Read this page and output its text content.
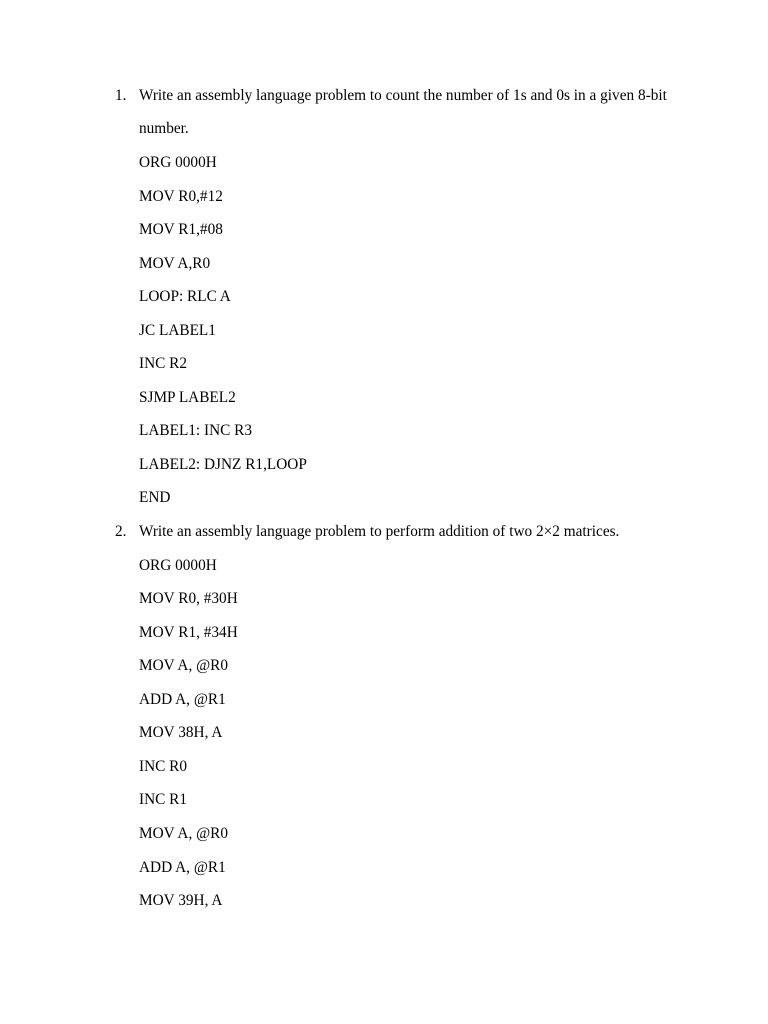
1. Write an assembly language problem to count the number of 1s and 0s in a given 8-bit
number.
ORG 0000H
MOV R0,#12
MOV R1,#08
MOV A,R0
LOOP: RLC A
JC LABEL1
INC R2
SJMP LABEL2
LABEL1: INC R3
LABEL2: DJNZ R1,LOOP
END
2. Write an assembly language problem to perform addition of two 2×2 matrices.
ORG 0000H
MOV R0, #30H
MOV R1, #34H
MOV A, @R0
ADD A, @R1
MOV 38H, A
INC R0
INC R1
MOV A, @R0
ADD A, @R1
MOV 39H, A
